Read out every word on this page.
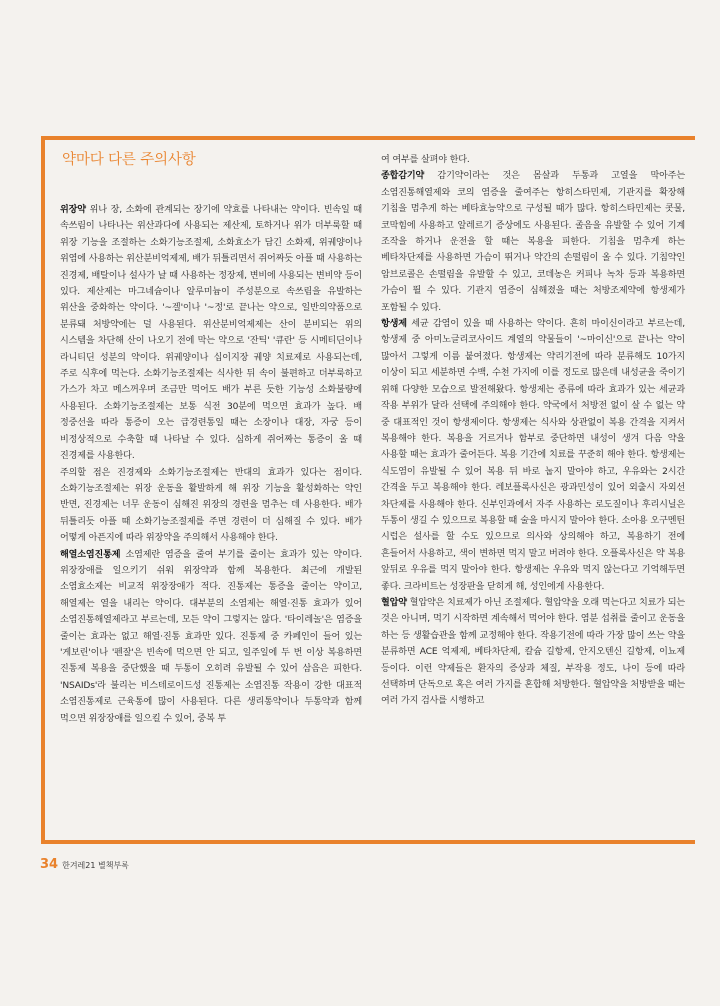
약마다 다른 주의사항

위장약 위나 장, 소화에 관계되는 장기에 약효를 나타내는 약이다. 빈속일 때 속쓰림이 나타나는 위산과다에 사용되는 제산제, 토하거나 위가 더부룩할 때 위장 기능을 조절하는 소화기능조절제, 소화효소가 담긴 소화제, 위궤양이나 위염에 사용하는 위산분비억제제, 배가 뒤틀리면서 쥐어짜듯 아플 때 사용하는 진경제, 배탈이나 설사가 날 때 사용하는 정장제, 변비에 사용되는 변비약 등이 있다. 제산제는 마그네슘이나 알루미늄이 주성분으로 속쓰림을 유발하는 위산을 중화하는 약이다. '~겔'이나 '~정'로 끝나는 약으로, 일반의약품으로 분류돼 처방약에는 덜 사용된다. 위산분비억제제는 산이 분비되는 위의 시스템을 차단해 산이 나오기 전에 막는 약으로 '잔틱' '큐란' 등 시메티딘이나 라니티딘 성분의 약이다. 위궤양이나 십이지장 궤양 치료제로 사용되는데, 주로 식후에 먹는다. 소화기능조절제는 식사한 뒤 속이 불편하고 더부룩하고 가스가 차고 메스꺼우며 조금만 먹어도 배가 부른 듯한 기능성 소화불량에 사용된다. 소화기능조절제는 보통 식전 30분에 먹으면 효과가 높다. 배 정중선을 따라 통증이 오는 급경련통일 때는 소장이나 대장, 자궁 등이 비정상적으로 수축할 때 나타날 수 있다. 심하게 쥐어짜는 통증이 올 때 진경제를 사용한다.

주의할 점은 진경제와 소화기능조절제는 반대의 효과가 있다는 점이다. 소화기능조절제는 위장 운동을 활발하게 해 위장 기능을 활성화하는 약인 반면, 진경제는 너무 운동이 심해진 위장의 경련을 멈추는 데 사용한다. 배가 뒤틀리듯 아플 때 소화기능조절제를 주면 경련이 더 심해질 수 있다. 배가 어떻게 아픈지에 따라 위장약을 주의해서 사용해야 한다.

해열소염진통제 소염제란 염증을 줄여 부기를 줄이는 효과가 있는 약이다. 위장장애를 일으키기 쉬워 위장약과 함께 복용한다. 최근에 개발된 소염효소제는 비교적 위장장애가 적다. 진통제는 통증을 줄이는 약이고, 해열제는 열을 내리는 약이다. 대부분의 소염제는 해열·진통 효과가 있어 소염진통해열제라고 부르는데, 모든 약이 그렇지는 않다. '타이레놀'은 염증을 줄이는 효과는 없고 해열·진통 효과만 있다. 진통제 중 카페인이 들어 있는 '게보린'이나 '펜잘'은 빈속에 먹으면 안 되고, 일주일에 두 번 이상 복용하면 진통제 복용을 중단했을 때 두통이 오히려 유발될 수 있어 삼음은 피한다. 'NSAIDs'라 불리는 비스테로이드성 진통제는 소염진통 작용이 강한 대표적 소염진통제로 근육통에 많이 사용된다. 다른 생리통약이나 두통약과 함께 먹으면 위장장애를 일으킬 수 있어, 중복 투

여 여부를 살펴야 한다.

종합감기약 감기약이라는 것은 몸살과 두통과 고열을 막아주는 소염진통해열제와 코의 염증을 줄여주는 항히스타민제, 기관지를 확장해 기침을 멈추게 하는 베타효능약으로 구성될 때가 많다. 항히스타민제는 콧물, 코막힘에 사용하고 알레르기 증상에도 사용된다. 졸음을 유발할 수 있어 기계 조작을 하거나 운전을 할 때는 복용을 피한다. 기침을 멈추게 하는 베타차단제를 사용하면 가슴이 뛰거나 약간의 손떨림이 올 수 있다. 기침약인 암브로콜은 손떨림을 유발할 수 있고, 코데농은 커피나 녹차 등과 복용하면 가슴이 뛸 수 있다. 기관지 염증이 심해졌을 때는 처방조제약에 항생제가 포함될 수 있다.

항생제 세균 감염이 있을 때 사용하는 약이다. 흔히 마이신이라고 부르는데, 항생제 중 아미노글리코사이드 계열의 약물들이 '~마이신'으로 끝나는 약이 많아서 그렇게 이름 붙여졌다. 항생제는 약리기전에 따라 분류해도 10가지 이상이 되고 세분하면 수백, 수천 가지에 이를 정도로 많은데 내성균을 죽이기 위해 다양한 모습으로 발전해왔다. 항생제는 종류에 따라 효과가 있는 세균과 작용 부위가 달라 선택에 주의해야 한다. 약국에서 처방전 없이 살 수 없는 약 중 대표적인 것이 항생제이다. 항생제는 식사와 상관없이 복용 간격을 지켜서 복용해야 한다. 복용을 거르거나 함부로 중단하면 내성이 생겨 다음 약을 사용할 때는 효과가 줄어든다. 복용 기간에 치료를 꾸준히 해야 한다. 항생제는 식도염이 유발될 수 있어 복용 뒤 바로 눕지 말아야 하고, 우유와는 2시간 간격을 두고 복용해야 한다. 레보플록사신은 광과민성이 있어 외출시 자외선 차단제를 사용해야 한다. 신부인과에서 자주 사용하는 로도질이나 후리시닐은 두통이 생길 수 있으므로 복용할 때 술을 마시지 말아야 한다. 소아용 오구멘틴 시럽은 설사를 할 수도 있으므로 의사와 상의해야 하고, 복용하기 전에 흔들어서 사용하고, 색이 변하면 먹지 말고 버려야 한다. 오플록사신은 약 복용 앞뒤로 우유를 먹지 말아야 한다. 항생제는 우유와 먹지 않는다고 기억해두면 좋다. 크라비트는 성장판을 닫히게 해, 성인에게 사용한다.

혈압약 혈압약은 치료제가 아닌 조절제다. 혈압약을 오래 먹는다고 치료가 되는 것은 아니며, 먹기 시작하면 계속해서 먹어야 한다. 염분 섭취를 줄이고 운동을 하는 등 생활습관을 함께 교정해야 한다. 작용기전에 따라 가장 많이 쓰는 약을 분류하면 ACE 억제제, 베타차단제, 칼슘 길항제, 안지오텐신 길항제, 이뇨제 등이다. 이런 약제들은 환자의 증상과 체질, 부작용 정도, 나이 등에 따라 선택하며 단독으로 혹은 여러 가지를 혼합해 처방한다. 혈압약을 처방받을 때는 여러 가지 검사를 시행하고

34 한겨레21 별책부록
